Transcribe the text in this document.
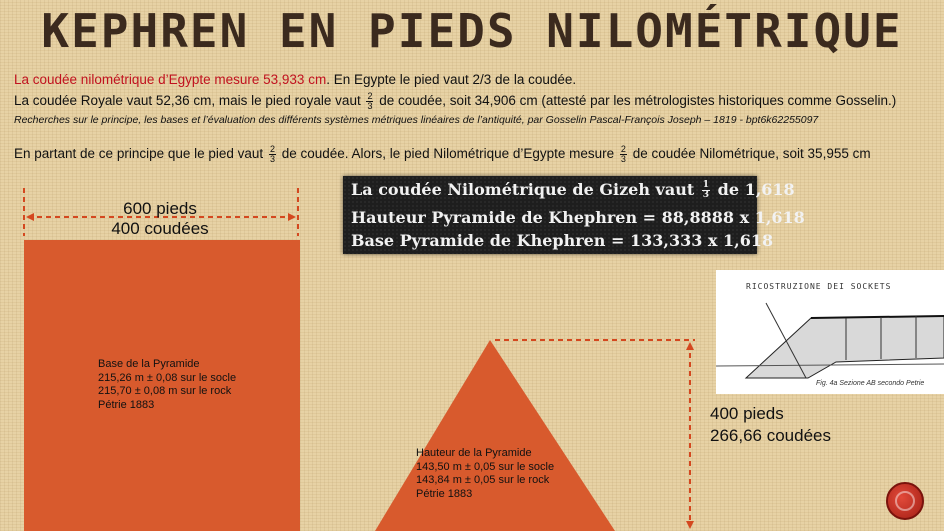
KEPHREN EN PIEDS NILOMÉTRIQUE
La coudée nilométrique d’Egypte mesure 53,933 cm. En Egypte le pied vaut 2/3 de la coudée.
La coudée Royale vaut 52,36 cm, mais le pied royale vaut $\frac{2}{3}$ de coudée, soit 34,906 cm (attesté par les métrologistes historiques comme Gosselin.)
Recherches sur le principe, les bases et l’évaluation des différents systèmes métriques linéaires de l’antiquité, par Gosselin Pascal-François Joseph – 1819 - bpt6k62255097
En partant de ce principe que le pied vaut $\frac{2}{3}$ de coudée. Alors, le pied Nilométrique d’Egypte mesure $\frac{2}{3}$ de coudée Nilométrique, soit 35,955 cm
600 pieds
400 coudées
Base de la Pyramide
215,26 m ± 0,08 sur le socle
215,70 ± 0,08 m sur le rock
Pétrie 1883
La coudée Nilométrique de Gizeh vaut $\frac{1}{3}$ de 1,618
Hauteur Pyramide de Khephren = 88,8888 x 1,618
Base Pyramide de Khephren = 133,333 x 1,618
Hauteur de la Pyramide
143,50 m ± 0,05 sur le socle
143,84 m ± 0,05 sur le rock
Pétrie 1883
400 pieds
266,66 coudées
RICOSTRUZIONE DEI SOCKETS
Fig. 4a Sezione AB secondo Petrie
